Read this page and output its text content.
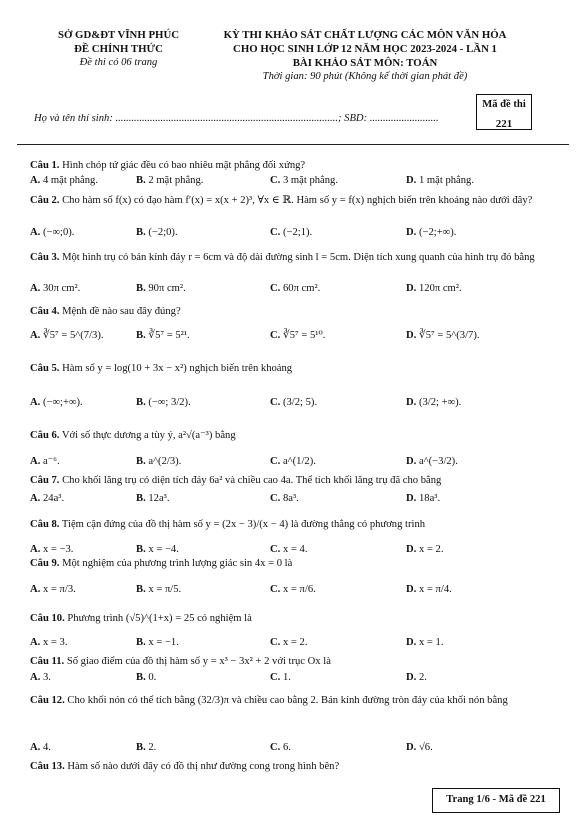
SỞ GD&ĐT VĨNH PHÚC
ĐỀ CHÍNH THỨC
Đề thi có 06 trang
KỲ THI KHẢO SÁT CHẤT LƯỢNG CÁC MÔN VĂN HÓA
CHO HỌC SINH LỚP 12 NĂM HỌC 2023-2024 - LẦN 1
BÀI KHẢO SÁT MÔN: TOÁN
Thời gian: 90 phút (Không kể thời gian phát đề)
Mã đề thi
221
Họ và tên thí sinh: ....................................................................................; SBD: ..........................
Câu 1. Hình chóp tứ giác đều có bao nhiêu mặt phẳng đối xứng?
A. 4 mặt phẳng.	B. 2 mặt phẳng.	C. 3 mặt phẳng.	D. 1 mặt phẳng.
Câu 2. Cho hàm số f(x) có đạo hàm f′(x) = x(x + 2)³, ∀x ∈ ℝ. Hàm số y = f(x) nghịch biến trên khoảng nào dưới đây?
A. (−∞;0).	B. (−2;0).	C. (−2;1).	D. (−2;+∞).
Câu 3. Một hình trụ có bán kính đáy r = 6cm và độ dài đường sinh l = 5cm. Diện tích xung quanh của hình trụ đó bằng
A. 30π cm².	B. 90π cm².	C. 60π cm².	D. 120π cm².
Câu 4. Mệnh đề nào sau đây đúng?
A. ∛5⁷ = 5^(7/3).	B. ∛5⁷ = 5²¹.	C. ∛5⁷ = 5¹⁰.	D. ∛5⁷ = 5^(3/7).
Câu 5. Hàm số y = log(10 + 3x − x²) nghịch biến trên khoảng
A. (−∞;+∞).	B. (−∞; 3/2).	C. (3/2; 5).	D. (3/2; +∞).
Câu 6. Với số thực dương a tùy ý, a²√(a⁻³) bằng
A. a⁻⁶.	B. a^(2/3).	C. a^(1/2).	D. a^(−3/2).
Câu 7. Cho khối lăng trụ có diện tích đáy 6a² và chiều cao 4a. Thể tích khối lăng trụ đã cho bằng
A. 24a³.	B. 12a³.	C. 8a³.	D. 18a³.
Câu 8. Tiệm cận đứng của đồ thị hàm số y = (2x − 3)/(x − 4) là đường thẳng có phương trình
A. x = −3.	B. x = −4.	C. x = 4.	D. x = 2.
Câu 9. Một nghiệm của phương trình lượng giác sin 4x = 0 là
A. x = π/3.	B. x = π/5.	C. x = π/6.	D. x = π/4.
Câu 10. Phương trình (√5)^(1+x) = 25 có nghiệm là
A. x = 3.	B. x = −1.	C. x = 2.	D. x = 1.
Câu 11. Số giao điểm của đồ thị hàm số y = x³ − 3x² + 2 với trục Ox là
A. 3.	B. 0.	C. 1.	D. 2.
Câu 12. Cho khối nón có thể tích bằng (32/3)π và chiều cao bằng 2. Bán kính đường tròn đáy của khối nón bằng
A. 4.	B. 2.	C. 6.	D. √6.
Câu 13. Hàm số nào dưới đây có đồ thị như đường cong trong hình bên?
Trang 1/6 - Mã đề 221
